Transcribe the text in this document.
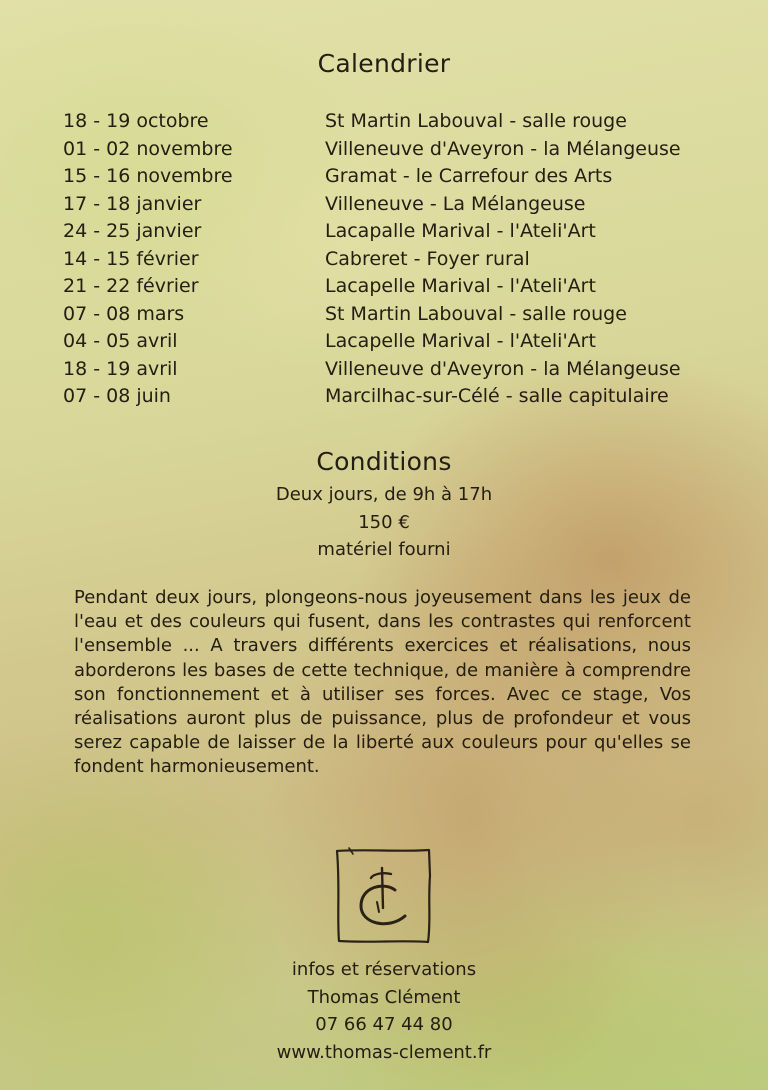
Calendrier
18 - 19 octobre	St Martin Labouval - salle rouge
01 - 02 novembre	Villeneuve d'Aveyron - la Mélangeuse
15 - 16 novembre	Gramat - le Carrefour des Arts
17 - 18 janvier	Villeneuve - La Mélangeuse
24 - 25 janvier	Lacapalle Marival - l'Ateli'Art
14 - 15 février	Cabreret - Foyer rural
21 - 22 février	Lacapelle Marival - l'Ateli'Art
07 - 08 mars	St Martin Labouval - salle rouge
04 - 05 avril	Lacapelle Marival - l'Ateli'Art
18 - 19 avril	Villeneuve d'Aveyron - la Mélangeuse
07 - 08 juin	Marcilhac-sur-Célé - salle capitulaire
Conditions
Deux jours, de 9h à 17h
150 €
matériel fourni

Pendant deux jours, plongeons-nous joyeusement dans les jeux de l'eau et des couleurs qui fusent, dans les contrastes qui renforcent l'ensemble ... A travers différents exercices et réalisations, nous aborderons les bases de cette technique, de manière à comprendre son fonctionnement et à utiliser ses forces. Avec ce stage, Vos réalisations auront plus de puissance, plus de profondeur et vous serez capable de laisser de la liberté aux couleurs pour qu'elles se fondent harmonieusement.

infos et réservations
Thomas Clément
07 66 47 44 80
www.thomas-clement.fr
